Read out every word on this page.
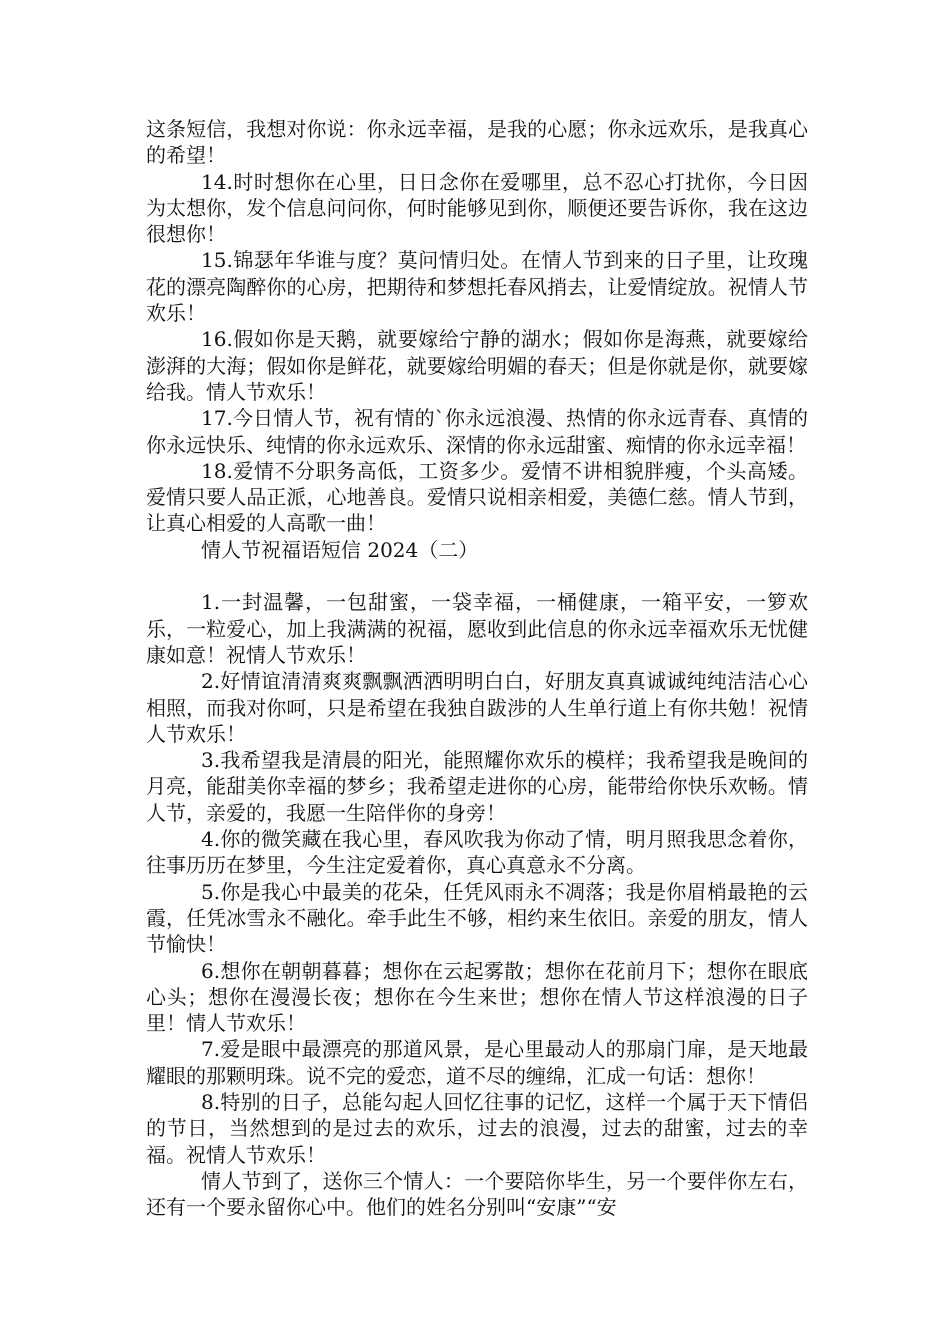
这条短信，我想对你说：你永远幸福，是我的心愿；你永远欢乐，是我真心的希望！

14.时时想你在心里，日日念你在爱哪里，总不忍心打扰你，今日因为太想你，发个信息问问你，何时能够见到你，顺便还要告诉你，我在这边很想你！

15.锦瑟年华谁与度？莫问情归处。在情人节到来的日子里，让玫瑰花的漂亮陶醉你的心房，把期待和梦想托春风捎去，让爱情绽放。祝情人节欢乐！

16.假如你是天鹅，就要嫁给宁静的湖水；假如你是海燕，就要嫁给澎湃的大海；假如你是鲜花，就要嫁给明媚的春天；但是你就是你，就要嫁给我。情人节欢乐！

17.今日情人节，祝有情的`你永远浪漫、热情的你永远青春、真情的你永远快乐、纯情的你永远欢乐、深情的你永远甜蜜、痴情的你永远幸福！

18.爱情不分职务高低，工资多少。爱情不讲相貌胖瘦，个头高矮。爱情只要人品正派，心地善良。爱情只说相亲相爱，美德仁慈。情人节到，让真心相爱的人高歌一曲！

情人节祝福语短信 2024（二）

1.一封温馨，一包甜蜜，一袋幸福，一桶健康，一箱平安，一箩欢乐，一粒爱心，加上我满满的祝福，愿收到此信息的你永远幸福欢乐无忧健康如意！祝情人节欢乐！

2.好情谊清清爽爽飘飘洒洒明明白白，好朋友真真诚诚纯纯洁洁心心相照，而我对你呵，只是希望在我独自跋涉的人生单行道上有你共勉！祝情人节欢乐！

3.我希望我是清晨的阳光，能照耀你欢乐的模样；我希望我是晚间的月亮，能甜美你幸福的梦乡；我希望走进你的心房，能带给你快乐欢畅。情人节，亲爱的，我愿一生陪伴你的身旁！

4.你的微笑藏在我心里，春风吹我为你动了情，明月照我思念着你，往事历历在梦里，今生注定爱着你，真心真意永不分离。

5.你是我心中最美的花朵，任凭风雨永不凋落；我是你眉梢最艳的云霞，任凭冰雪永不融化。牵手此生不够，相约来生依旧。亲爱的朋友，情人节愉快！

6.想你在朝朝暮暮；想你在云起雾散；想你在花前月下；想你在眼底心头；想你在漫漫长夜；想你在今生来世；想你在情人节这样浪漫的日子里！情人节欢乐！

7.爱是眼中最漂亮的那道风景，是心里最动人的那扇门扉，是天地最耀眼的那颗明珠。说不完的爱恋，道不尽的缠绵，汇成一句话：想你！

8.特别的日子，总能勾起人回忆往事的记忆，这样一个属于天下情侣的节日，当然想到的是过去的欢乐，过去的浪漫，过去的甜蜜，过去的幸福。祝情人节欢乐！

情人节到了，送你三个情人：一个要陪你毕生，另一个要伴你左右，还有一个要永留你心中。他们的姓名分别叫“安康”“安
